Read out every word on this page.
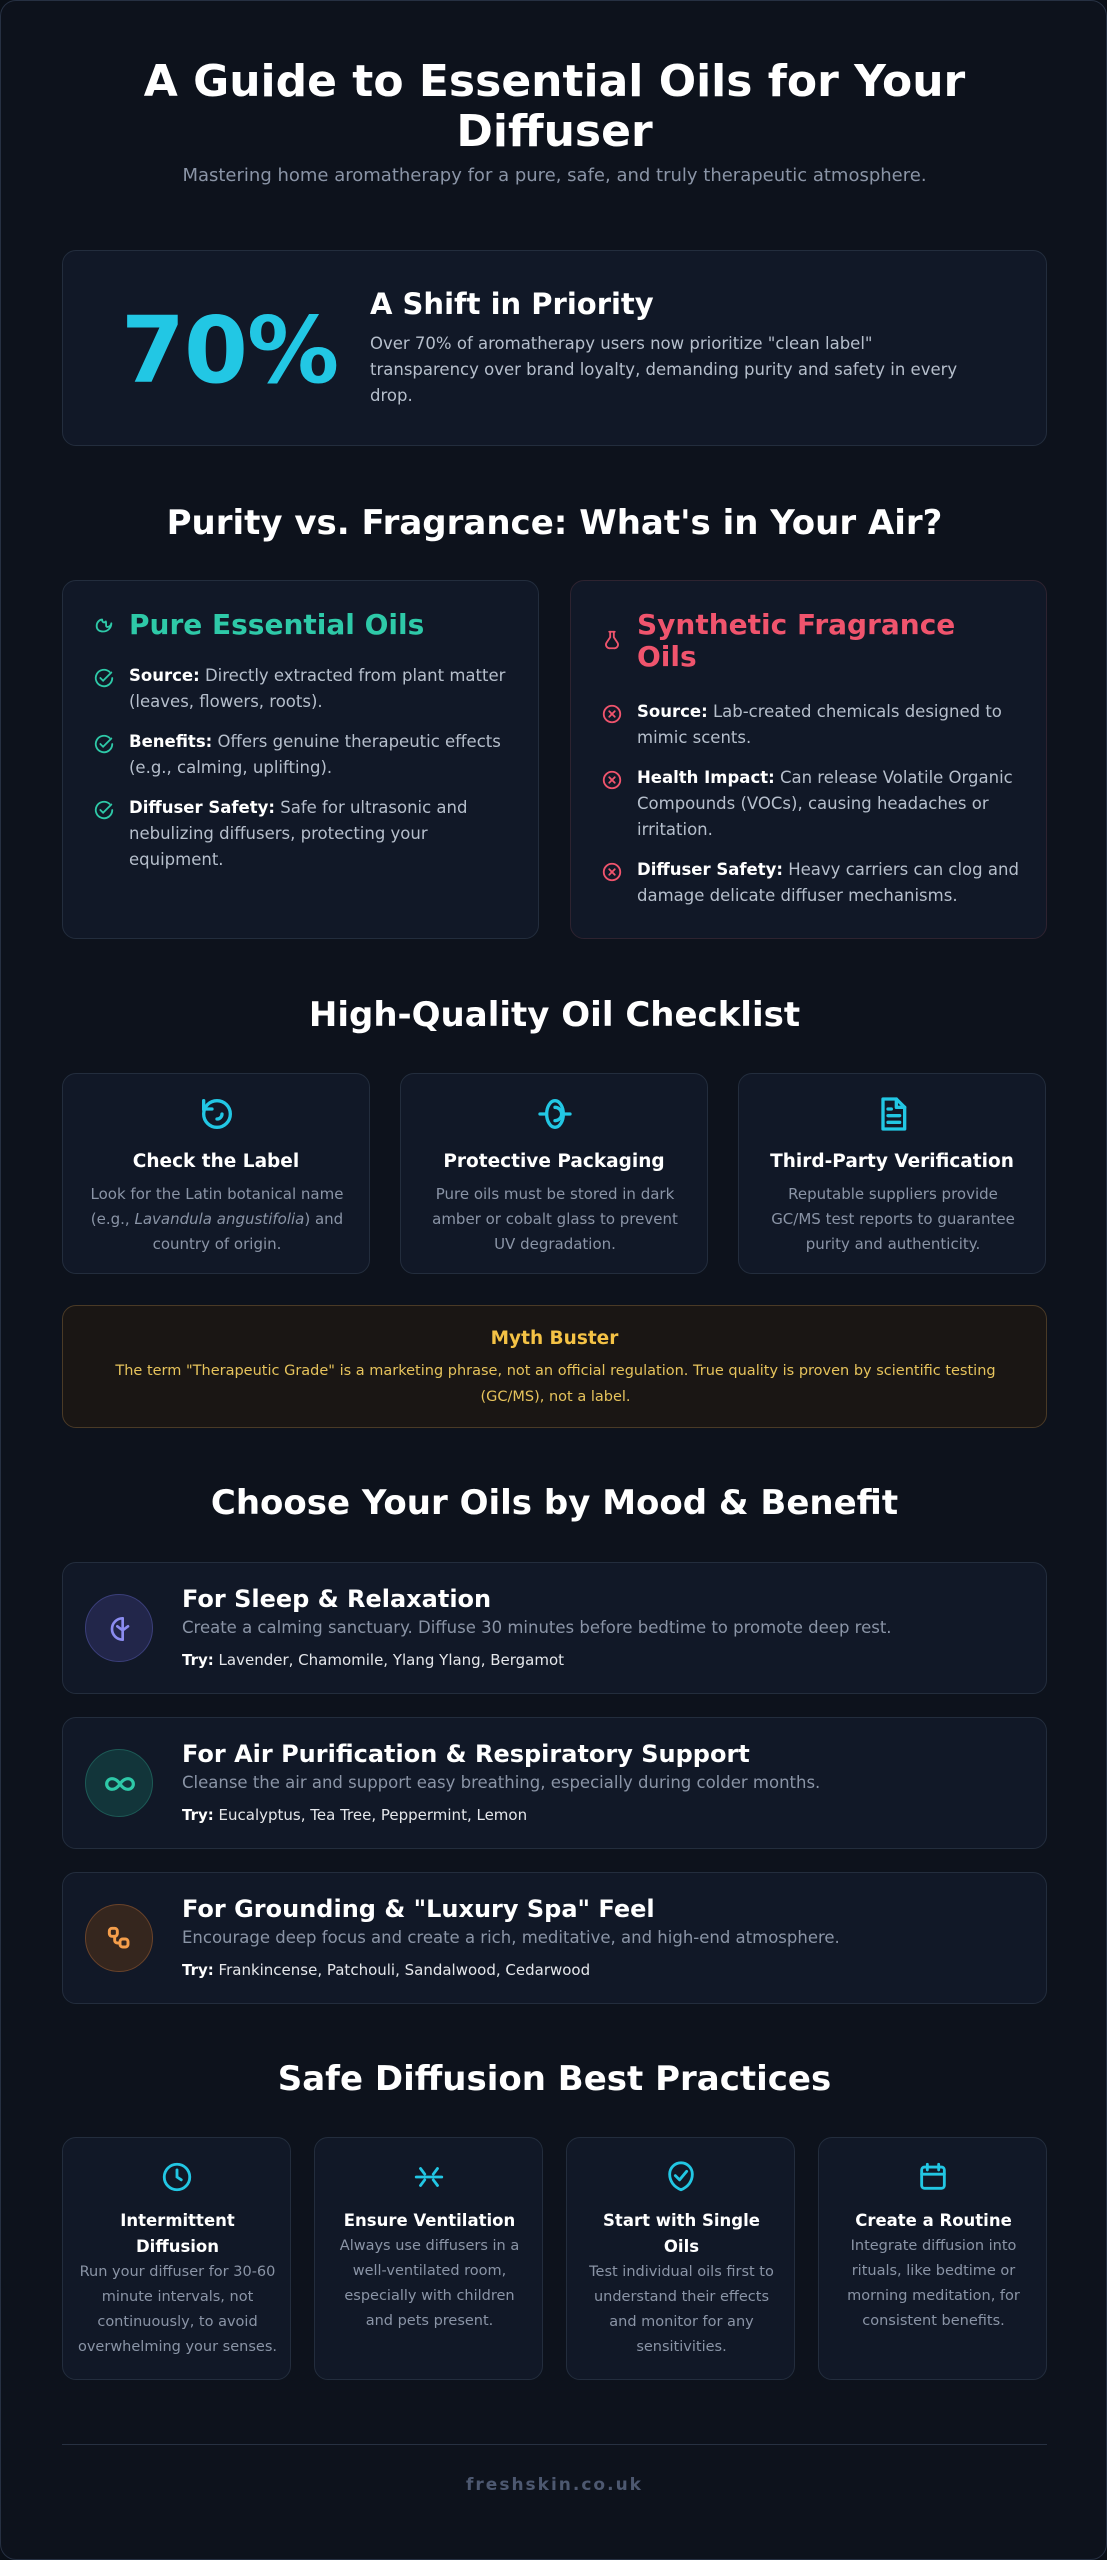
A Guide to Essential Oils for Your Diffuser

Mastering home aromatherapy for a pure, safe, and truly therapeutic atmosphere.

70% A Shift in Priority
Over 70% of aromatherapy users now prioritize "clean label" transparency over brand loyalty, demanding purity and safety in every drop.
Purity vs. Fragrance: What's in Your Air?
Pure Essential Oils
Source: Directly extracted from plant matter (leaves, flowers, roots).
Benefits: Offers genuine therapeutic effects (e.g., calming, uplifting).
Diffuser Safety: Safe for ultrasonic and nebulizing diffusers, protecting your equipment.
Synthetic Fragrance Oils
Source: Lab-created chemicals designed to mimic scents.
Health Impact: Can release Volatile Organic Compounds (VOCs), causing headaches or irritation.
Diffuser Safety: Heavy carriers can clog and damage delicate diffuser mechanisms.
High-Quality Oil Checklist
Check the Label
Look for the Latin botanical name (e.g., Lavandula angustifolia) and country of origin.
Protective Packaging
Pure oils must be stored in dark amber or cobalt glass to prevent UV degradation.
Third-Party Verification
Reputable suppliers provide GC/MS test reports to guarantee purity and authenticity.
Myth Buster
The term "Therapeutic Grade" is a marketing phrase, not an official regulation. True quality is proven by scientific testing (GC/MS), not a label.
Choose Your Oils by Mood & Benefit
For Sleep & Relaxation
Create a calming sanctuary. Diffuse 30 minutes before bedtime to promote deep rest.
Try: Lavender, Chamomile, Ylang Ylang, Bergamot
For Air Purification & Respiratory Support
Cleanse the air and support easy breathing, especially during colder months.
Try: Eucalyptus, Tea Tree, Peppermint, Lemon
For Grounding & "Luxury Spa" Feel
Encourage deep focus and create a rich, meditative, and high-end atmosphere.
Try: Frankincense, Patchouli, Sandalwood, Cedarwood
Safe Diffusion Best Practices
Intermittent Diffusion
Run your diffuser for 30-60 minute intervals, not continuously, to avoid overwhelming your senses.
Ensure Ventilation
Always use diffusers in a well-ventilated room, especially with children and pets present.
Start with Single Oils
Test individual oils first to understand their effects and monitor for any sensitivities.
Create a Routine
Integrate diffusion into rituals, like bedtime or morning meditation, for consistent benefits.
freshskin.co.uk
